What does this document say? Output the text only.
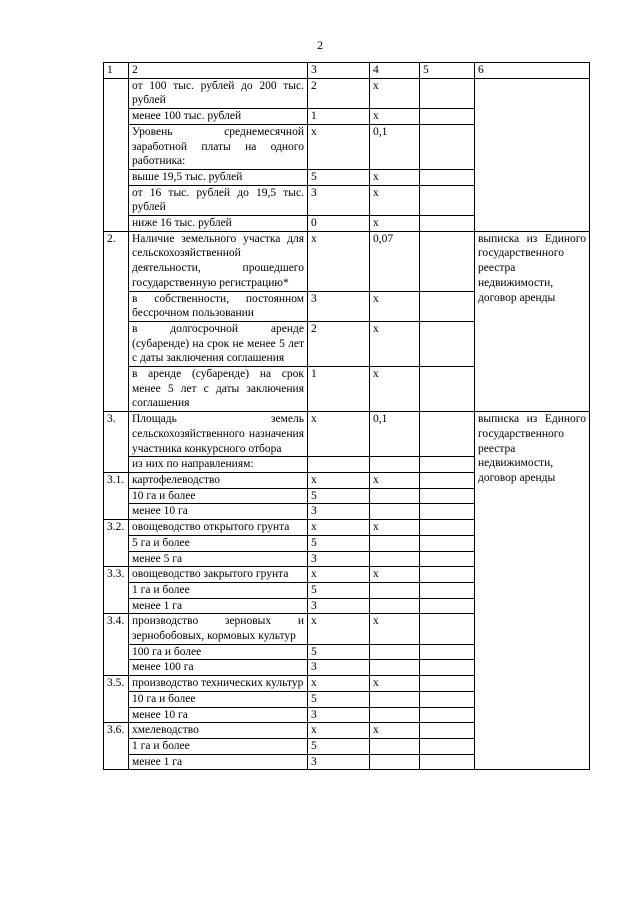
2
1	2	3	4	5	6

	от 100 тыс. рублей до 200 тыс. рублей	2	х		
	менее 100 тыс. рублей	1	х		

	Уровень среднемесячной заработной платы на одного работника:	х	0,1		
	выше 19,5 тыс. рублей	5	х		

	от 16 тыс. рублей до 19,5 тыс. рублей	3	х		
	ниже 16 тыс. рублей	0	х		
2.	Наличие земельного участка для сельскохозяйственной деятельности, прошедшего государственную регистрацию*	х	0,07		выписка из Единого государственного реестра недвижимости, договор аренды

	в собственности, постоянном бессрочном пользовании	3	х		

	в долгосрочной аренде (субаренде) на срок не менее 5 лет с даты заключения соглашения	2	х		

	в аренде (субаренде) на срок менее 5 лет с даты заключения соглашения	1	х		
3.	Площадь земель сельскохозяйственного назначения участника конкурсного отбора	х	0,1		выписка из Единого государственного реестра недвижимости, договор аренды

	из них по направлениям:				
3.1.	картофелеводство	х	х		
	10 га и более	5			
	менее 10 га	3			
3.2.	овощеводство открытого грунта	х	х		
	5 га и более	5			
	менее 5 га	3			
3.3.	овощеводство закрытого грунта	х	х		
	1 га и более	5			
	менее 1 га	3			
3.4.	производство зерновых и зернобобовых, кормовых культур	х	х		
	100 га и более	5			
	менее 100 га	3			
3.5.	производство технических культур	х	х		
	10 га и более	5			
	менее 10 га	3			
3.6.	хмелеводство	х	х		
	1 га и более	5			
	менее 1 га	3			
